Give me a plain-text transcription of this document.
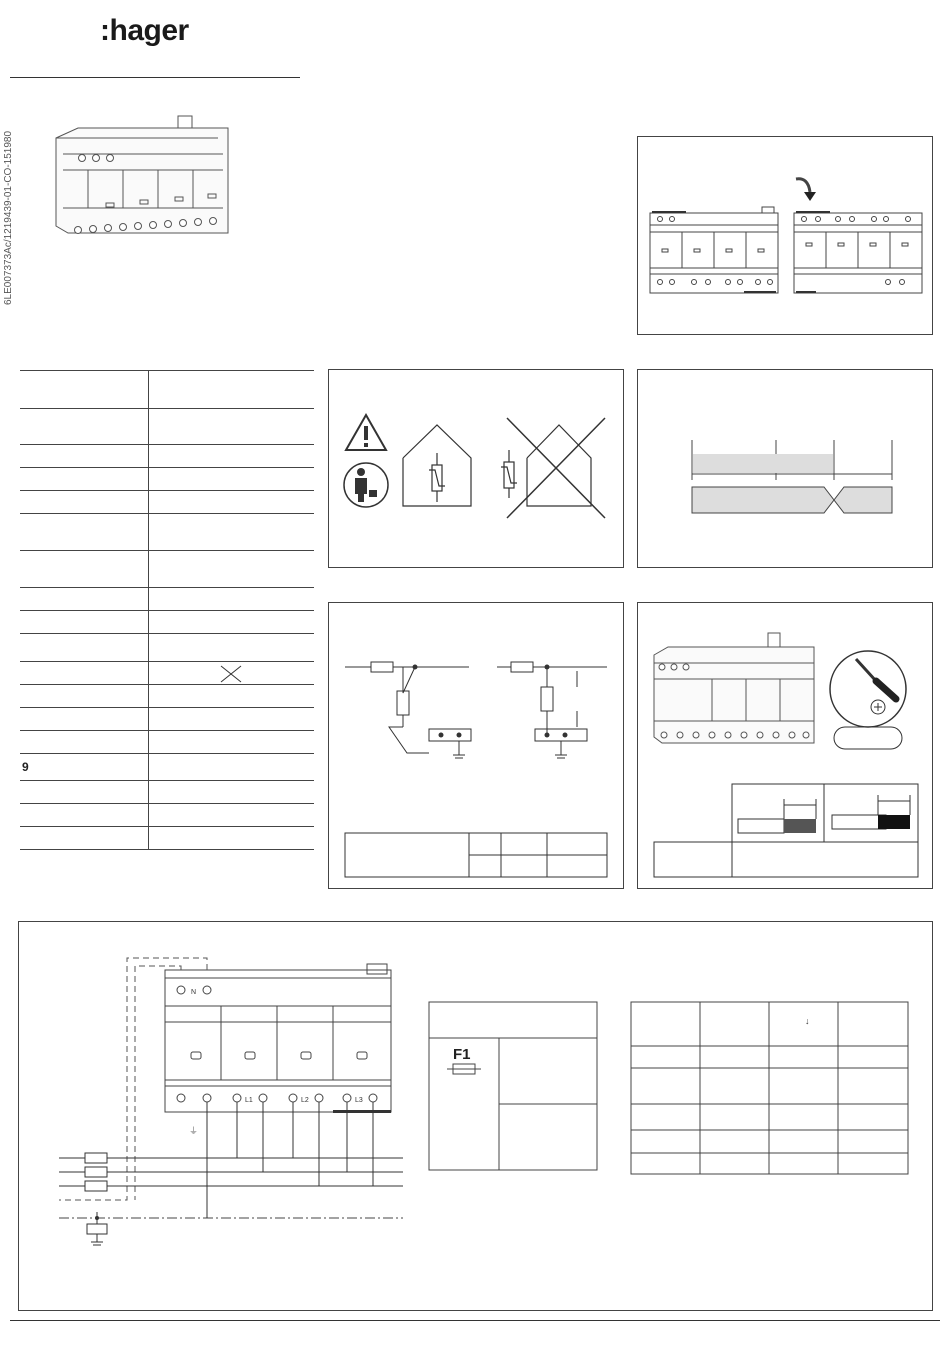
:hager
6LE007373Ac/1219439-01-CO-151980
9
N
L1	L2	L3
⏚
F1
↓
